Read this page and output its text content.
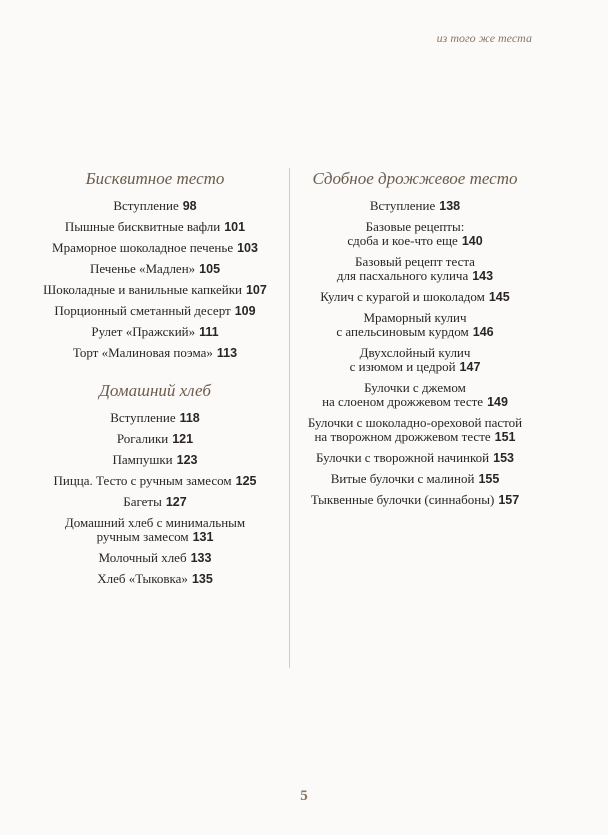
из того же теста
Бисквитное тесто
Вступление 98
Пышные бисквитные вафли 101
Мраморное шоколадное печенье 103
Печенье «Мадлен» 105
Шоколадные и ванильные капкейки 107
Порционный сметанный десерт 109
Рулет «Пражский» 111
Торт «Малиновая поэма» 113
Домашний хлеб
Вступление 118
Рогалики 121
Пампушки 123
Пицца. Тесто с ручным замесом 125
Багеты 127
Домашний хлеб с минимальным
ручным замесом 131
Молочный хлеб 133
Хлеб «Тыковка» 135
Сдобное дрожжевое тесто
Вступление 138
Базовые рецепты:
сдоба и кое-что еще 140
Базовый рецепт теста
для пасхального кулича 143
Кулич с курагой и шоколадом 145
Мраморный кулич
с апельсиновым курдом 146
Двухслойный кулич
с изюмом и цедрой 147
Булочки с джемом
на слоеном дрожжевом тесте 149
Булочки с шоколадно-ореховой пастой
на творожном дрожжевом тесте 151
Булочки с творожной начинкой 153
Витые булочки с малиной 155
Тыквенные булочки (синнабоны) 157
5
